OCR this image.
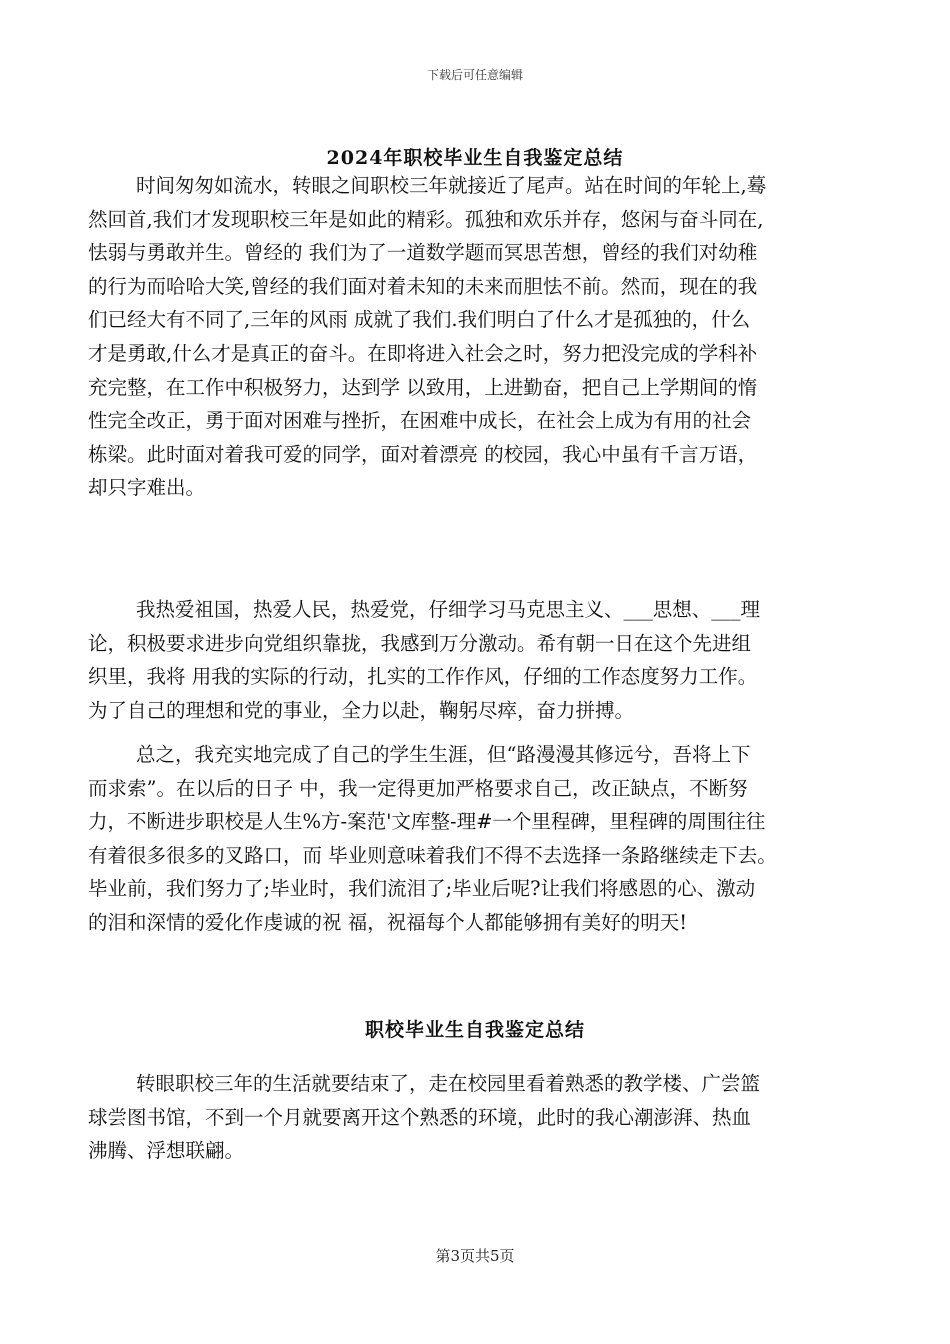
下载后可任意编辑
2024年职校毕业生自我鉴定总结
时间匆匆如流水，转眼之间职校三年就接近了尾声。站在时间的年轮上,蓦
然回首,我们才发现职校三年是如此的精彩。孤独和欢乐并存，悠闲与奋斗同在,
怯弱与勇敢并生。曾经的 我们为了一道数学题而冥思苦想，曾经的我们对幼稚
的行为而哈哈大笑,曾经的我们面对着未知的未来而胆怯不前。然而，现在的我
们已经大有不同了,三年的风雨 成就了我们.我们明白了什么才是孤独的，什么
才是勇敢,什么才是真正的奋斗。在即将进入社会之时，努力把没完成的学科补
充完整，在工作中积极努力，达到学 以致用，上进勤奋，把自己上学期间的惰
性完全改正，勇于面对困难与挫折，在困难中成长，在社会上成为有用的社会
栋梁。此时面对着我可爱的同学，面对着漂亮 的校园，我心中虽有千言万语，
却只字难出。
我热爱祖国，热爱人民，热爱党，仔细学习马克思主义、___思想、___理
论，积极要求进步向党组织靠拢，我感到万分激动。希有朝一日在这个先进组
织里，我将 用我的实际的行动，扎实的工作作风，仔细的工作态度努力工作。
为了自己的理想和党的事业，全力以赴，鞠躬尽瘁，奋力拼搏。
总之，我充实地完成了自己的学生生涯，但“路漫漫其修远兮，吾将上下
而求索”。在以后的日子 中，我一定得更加严格要求自己，改正缺点，不断努
力，不断进步职校是人生%方-案范'文库整-理#一个里程碑，里程碑的周围往往
有着很多很多的叉路口，而 毕业则意味着我们不得不去选择一条路继续走下去。
毕业前，我们努力了;毕业时，我们流泪了;毕业后呢?让我们将感恩的心、激动
的泪和深情的爱化作虔诚的祝 福，祝福每个人都能够拥有美好的明天!
职校毕业生自我鉴定总结
转眼职校三年的生活就要结束了，走在校园里看着熟悉的教学楼、广尝篮
球尝图书馆，不到一个月就要离开这个熟悉的环境，此时的我心潮澎湃、热血
沸腾、浮想联翩。
第3页共5页
